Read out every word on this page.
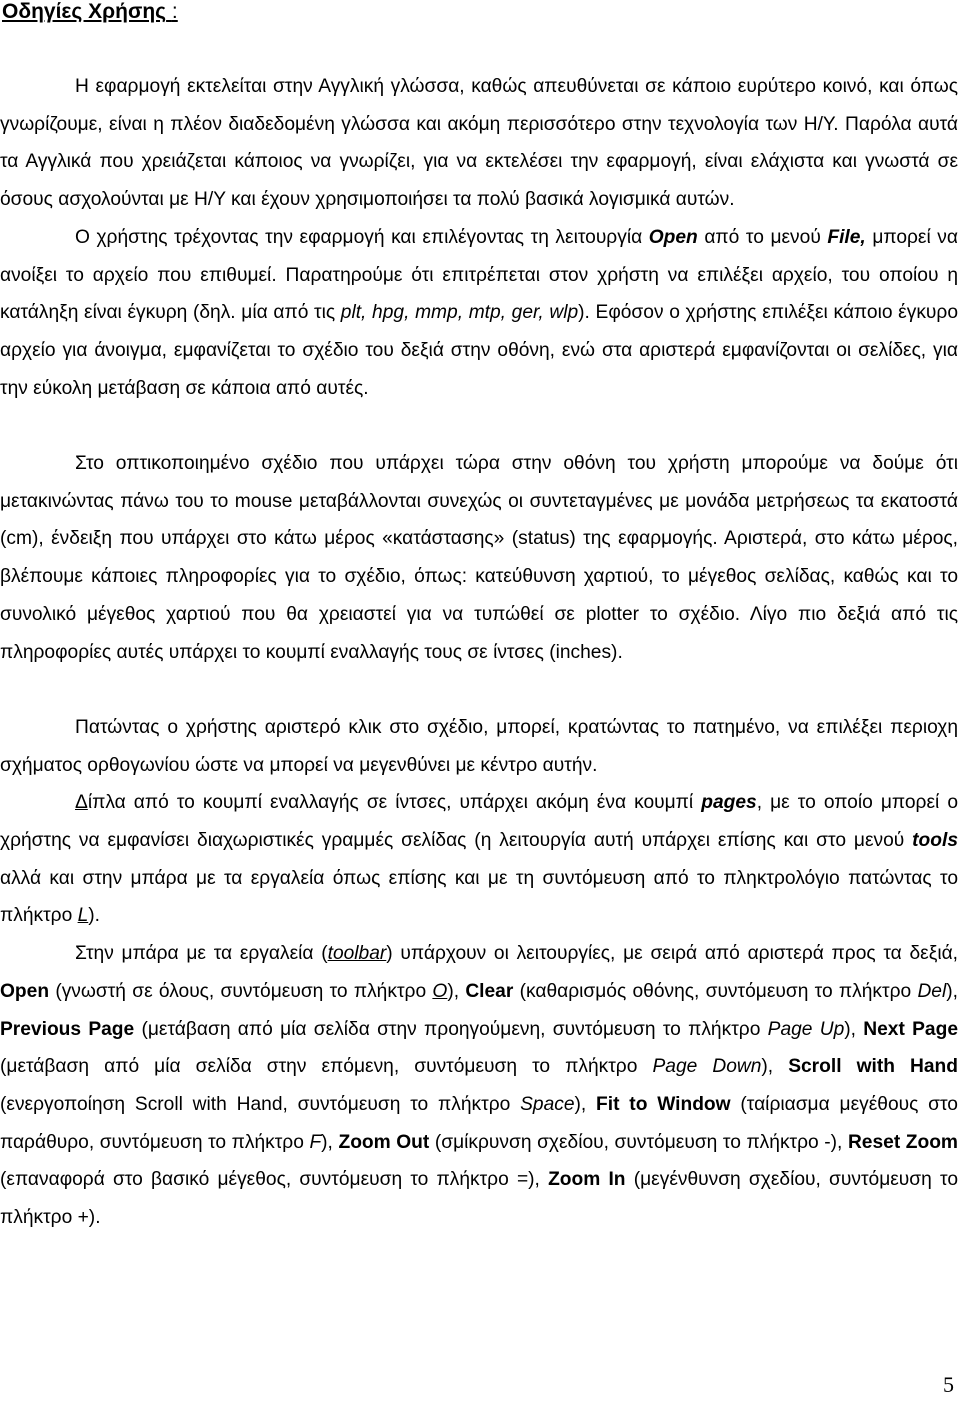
Οδηγίες Χρήσης :

Η εφαρμογή εκτελείται στην Αγγλική γλώσσα, καθώς απευθύνεται σε κάποιο ευρύτερο κοινό, και όπως γνωρίζουμε, είναι η πλέον διαδεδομένη γλώσσα και ακόμη περισσότερο στην τεχνολογία των Η/Υ. Παρόλα αυτά τα Αγγλικά που χρειάζεται κάποιος να γνωρίζει, για να εκτελέσει την εφαρμογή, είναι ελάχιστα και γνωστά σε όσους ασχολούνται με Η/Υ και έχουν χρησιμοποιήσει τα πολύ βασικά λογισμικά αυτών.

Ο χρήστης τρέχοντας την εφαρμογή και επιλέγοντας τη λειτουργία Open από το μενού File, μπορεί να ανοίξει το αρχείο που επιθυμεί. Παρατηρούμε ότι επιτρέπεται στον χρήστη να επιλέξει αρχείο, του οποίου η κατάληξη είναι έγκυρη (δηλ. μία από τις plt, hpg, mmp, mtp, ger, wlp). Εφόσον ο χρήστης επιλέξει κάποιο έγκυρο αρχείο για άνοιγμα, εμφανίζεται το σχέδιο του δεξιά στην οθόνη, ενώ στα αριστερά εμφανίζονται οι σελίδες, για την εύκολη μετάβαση σε κάποια από αυτές.

Στο οπτικοποιημένο σχέδιο που υπάρχει τώρα στην οθόνη του χρήστη μπορούμε να δούμε ότι μετακινώντας πάνω του το mouse μεταβάλλονται συνεχώς οι συντεταγμένες με μονάδα μετρήσεως τα εκατοστά (cm), ένδειξη που υπάρχει στο κάτω μέρος «κατάστασης» (status) της εφαρμογής. Αριστερά, στο κάτω μέρος, βλέπουμε κάποιες πληροφορίες για το σχέδιο, όπως: κατεύθυνση χαρτιού, το μέγεθος σελίδας, καθώς και το συνολικό μέγεθος χαρτιού που θα χρειαστεί για να τυπώθεί σε plotter το σχέδιο. Λίγο πιο δεξιά από τις πληροφορίες αυτές υπάρχει το κουμπί εναλλαγής τους σε ίντσες (inches).

Πατώντας ο χρήστης αριστερό κλικ στο σχέδιο, μπορεί, κρατώντας το πατημένο, να επιλέξει περιοχη σχήματος ορθογωνίου ώστε να μπορεί να μεγενθύνει με κέντρο αυτήν.

Δίπλα από το κουμπί εναλλαγής σε ίντσες, υπάρχει ακόμη ένα κουμπί pages, με το οποίο μπορεί ο χρήστης να εμφανίσει διαχωριστικές γραμμές σελίδας (η λειτουργία αυτή υπάρχει επίσης και στο μενού tools αλλά και στην μπάρα με τα εργαλεία όπως επίσης και με τη συντόμευση από το πληκτρολόγιο πατώντας το πλήκτρο L).

Στην μπάρα με τα εργαλεία (toolbar) υπάρχουν οι λειτουργίες, με σειρά από αριστερά προς τα δεξιά, Open (γνωστή σε όλους, συντόμευση το πλήκτρο O), Clear (καθαρισμός οθόνης, συντόμευση το πλήκτρο Del), Previous Page (μετάβαση από μία σελίδα στην προηγούμενη, συντόμευση το πλήκτρο Page Up), Next Page (μετάβαση από μία σελίδα στην επόμενη, συντόμευση το πλήκτρο Page Down), Scroll with Hand (ενεργοποίηση Scroll with Hand, συντόμευση το πλήκτρο Space), Fit to Window (ταίριασμα μεγέθους στο παράθυρο, συντόμευση το πλήκτρο F), Zoom Out (σμίκρυνση σχεδίου, συντόμευση το πλήκτρο -), Reset Zoom (επαναφορά στο βασικό μέγεθος, συντόμευση το πλήκτρο =), Zoom In (μεγένθυνση σχεδίου, συντόμευση το πλήκτρο +).

5
